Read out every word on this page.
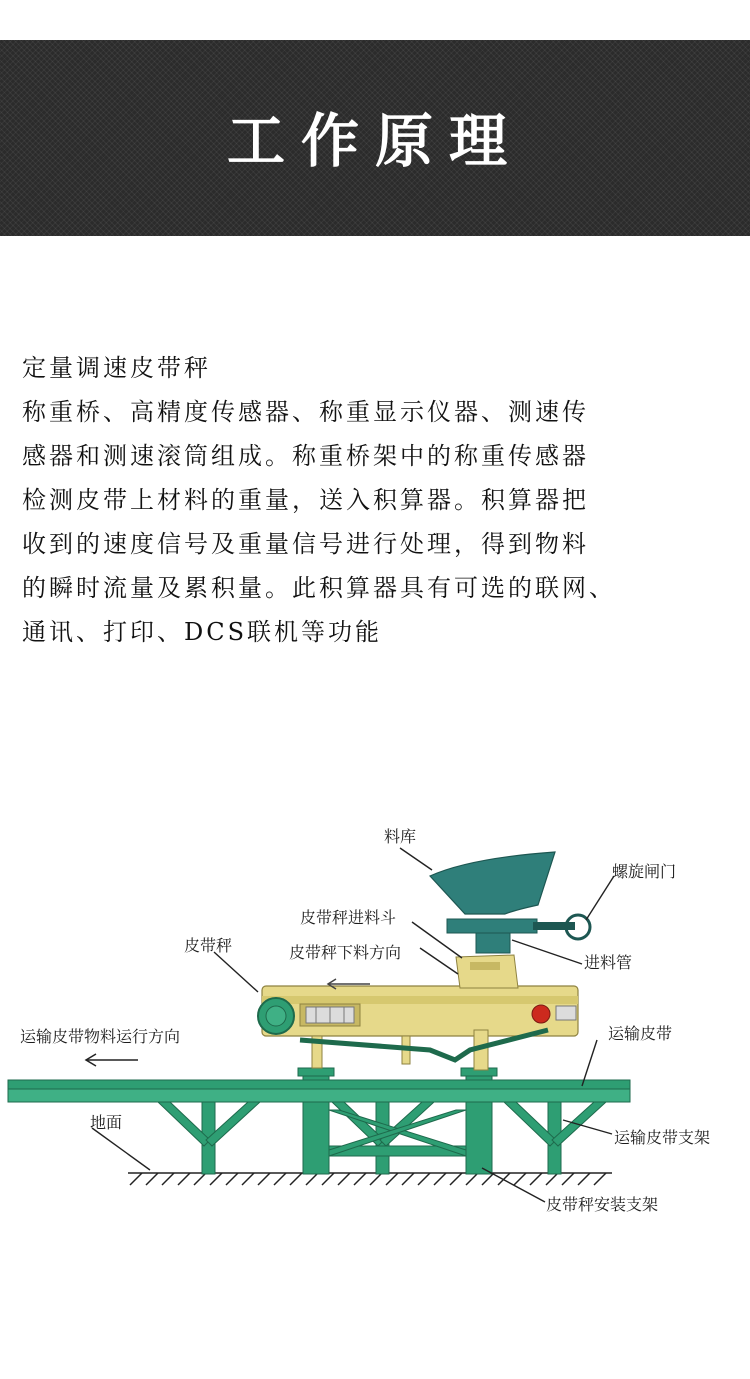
工作原理

定量调速皮带秤

称重桥、高精度传感器、称重显示仪器、测速传

感器和测速滚筒组成。称重桥架中的称重传感器

检测皮带上材料的重量，送入积算器。积算器把

收到的速度信号及重量信号进行处理，得到物料

的瞬时流量及累积量。此积算器具有可选的联网、

通讯、打印、DCS联机等功能

料库
螺旋闸门
皮带秤进料斗
皮带秤	皮带秤下料方向
进料管
运输皮带物料运行方向	运输皮带
地面
运输皮带支架
皮带秤安装支架
